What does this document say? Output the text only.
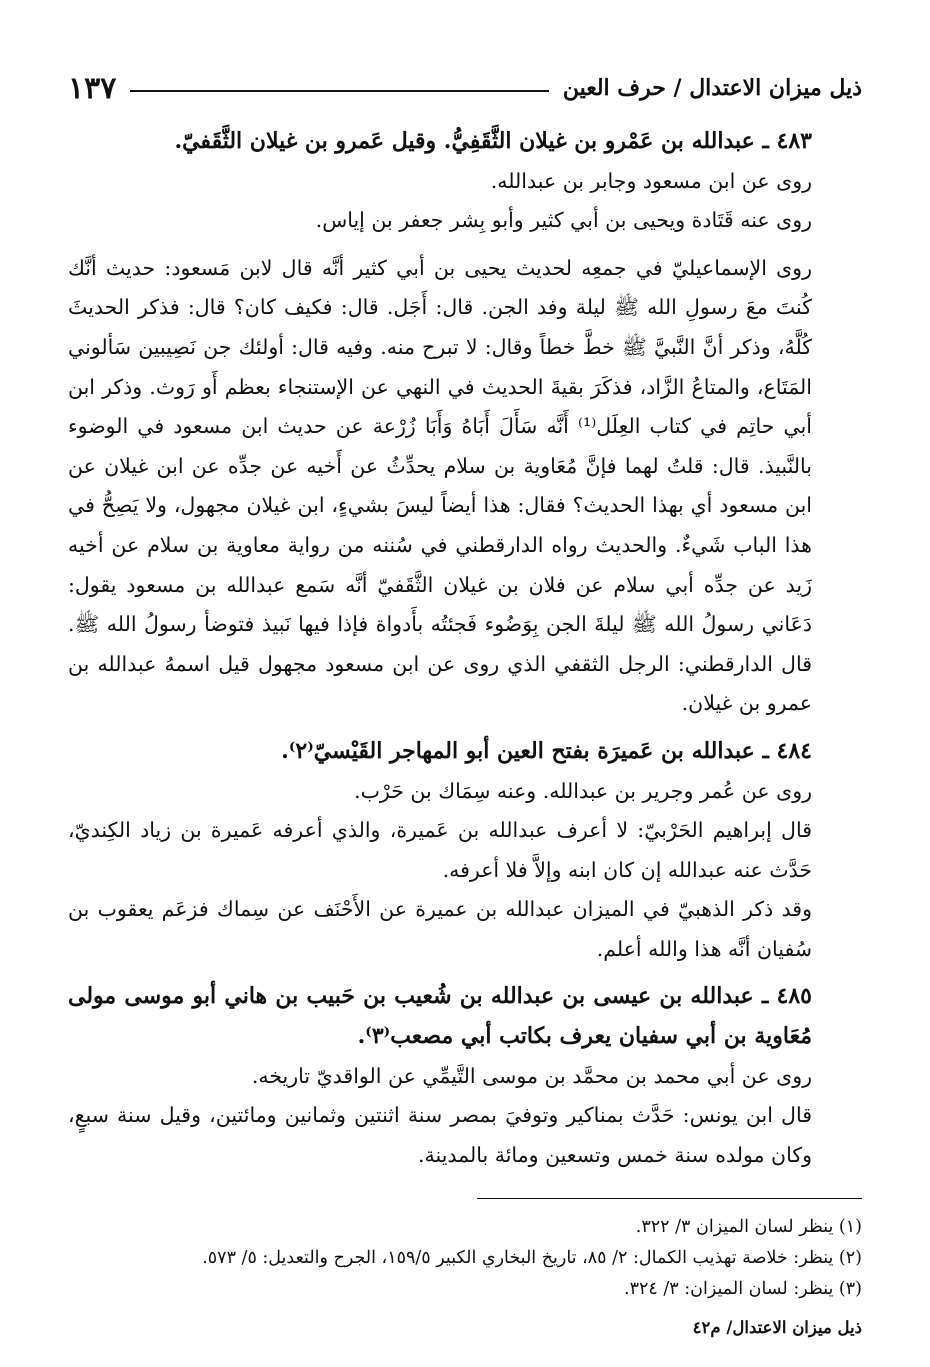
ذيل ميزان الاعتدال / حرف العين
١٣٧

٤٨٣ ـ عبدالله بن عَمْرو بن غيلان الثَّقَفِيُّ. وقيل عَمرو بن غيلان الثَّقَفيّ.

روى عن ابن مسعود وجابر بن عبدالله.

روى عنه قَتَادة ويحيى بن أبي كثير وأبو بِشر جعفر بن إياس.

روى الإسماعيليّ في جمعِه لحديث يحيى بن أبي كثير أنَّه قال لابن مَسعود: حديث أنَّك كُنتَ معَ رسولِ الله ﷺ ليلة وفد الجن. قال: أَجَل. قال: فكيف كان؟ قال: فذكر الحديثَ كُلَّهُ، وذكر أنَّ النَّبيَّ ﷺ خطَّ خطاً وقال: لا تبرح منه. وفيه قال: أولئك جن نَصِيبين سَألوني المَتَاع، والمتاعُ الزَّاد، فذكَرَ بقيةَ الحديث في النهي عن الإستنجاء بعظم أَو رَوث. وذكر ابن أبي حاتِم في كتاب العِلَل⁽¹⁾ أَنَّه سَأَلَ أَبَاهُ وَأَبَا زُرْعة عن حديث ابن مسعود في الوضوء بالنَّبيذ. قال: قلتُ لهما فإنَّ مُعَاوية بن سلام يحدِّثُ عن أَخيه عن جدِّه عن ابن غيلان عن ابن مسعود أي بهذا الحديث؟ فقال: هذا أيضاً ليسَ بشيءٍ، ابن غيلان مجهول، ولا يَصِحُّ في هذا الباب شَيءٌ. والحديث رواه الدارقطني في سُننه من رواية معاوية بن سلام عن أخيه زَيد عن جدِّه أبي سلام عن فلان بن غيلان الثَّقَفيّ أنَّه سَمع عبدالله بن مسعود يقول: دَعَاني رسولُ الله ﷺ ليلةَ الجن بِوَضُوء فَجئتُه بأَدواة فإذا فيها نَبيذ فتوضأ رسولُ الله ﷺ. قال الدارقطني: الرجل الثقفي الذي روى عن ابن مسعود مجهول قيل اسمهُ عبدالله بن عمرو بن غيلان.

٤٨٤ ـ عبدالله بن عَميرَة بفتح العين أبو المهاجر القَيْسيّ⁽٢⁾.

روى عن عُمر وجرير بن عبدالله. وعنه سِمَاك بن حَرْب.

قال إبراهيم الحَرْبيّ: لا أعرف عبدالله بن عَميرة، والذي أعرفه عَميرة بن زياد الكِنديّ، حَدَّث عنه عبدالله إن كان ابنه وإلاَّ فلا أعرفه.

وقد ذكر الذهبيّ في الميزان عبدالله بن عميرة عن الأَحْنَف عن سِماك فزعَم يعقوب بن سُفيان أنَّه هذا والله أعلم.

٤٨٥ ـ عبدالله بن عيسى بن عبدالله بن شُعيب بن حَبيب بن هاني أبو موسى مولى مُعَاوية بن أبي سفيان يعرف بكاتب أبي مصعب⁽٣⁾.

روى عن أبي محمد بن محمَّد بن موسى التَّيمِّي عن الواقديّ تاريخه.

قال ابن يونس: حَدَّث بمناكير وتوفيَ بمصر سنة اثنتين وثمانين ومائتين، وقيل سنة سبعٍ، وكان مولده سنة خمس وتسعين ومائة بالمدينة.

(١) ينظر لسان الميزان ٣/ ٣٢٢.

(٢) ينظر: خلاصة تهذيب الكمال: ٢/ ٨٥، تاريخ البخاري الكبير ١٥٩/٥، الجرح والتعديل: ٥/ ٥٧٣.

(٣) ينظر: لسان الميزان: ٣/ ٣٢٤.

ذيل ميزان الاعتدال/ م٤٢
